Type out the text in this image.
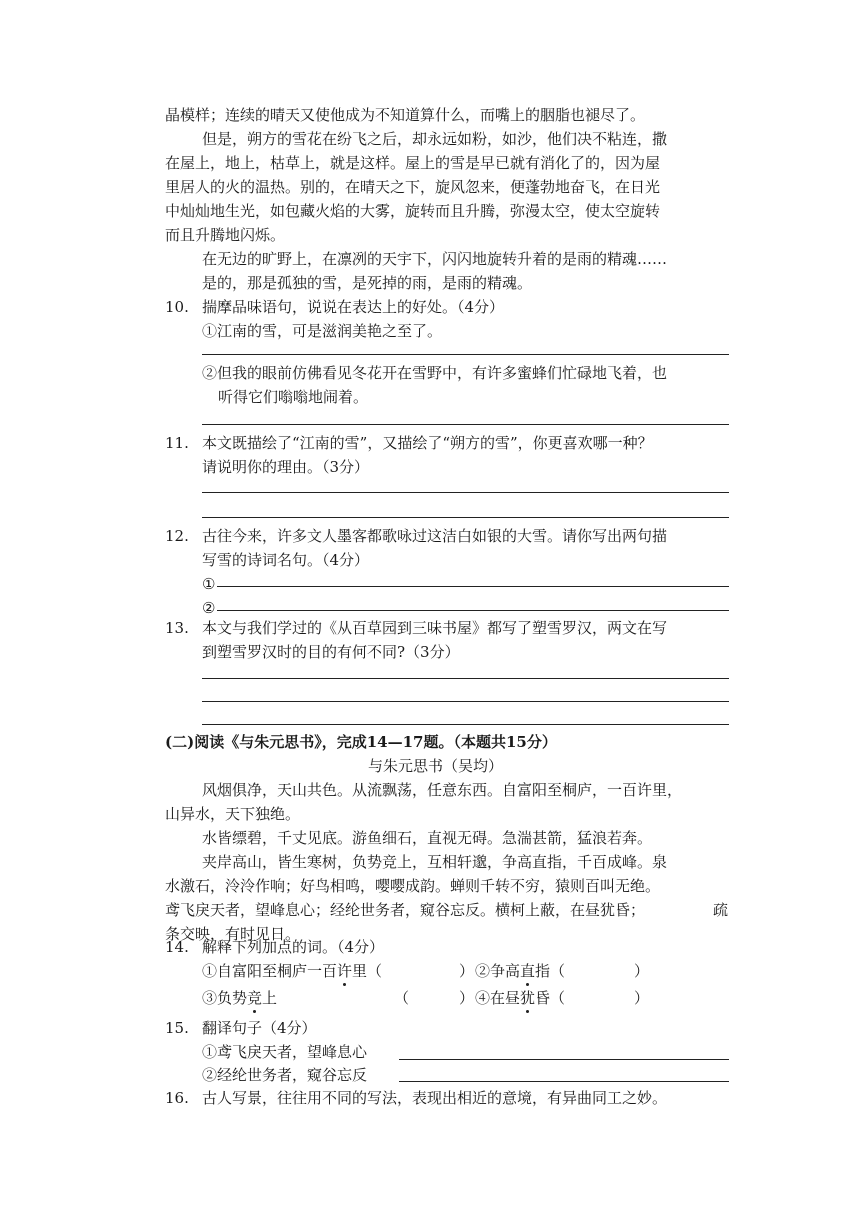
晶模样；连续的晴天又使他成为不知道算什么，而嘴上的胭脂也褪尽了。
但是，朔方的雪花在纷飞之后，却永远如粉，如沙，他们决不粘连，撒
在屋上，地上，枯草上，就是这样。屋上的雪是早已就有消化了的，因为屋
里居人的火的温热。别的，在晴天之下，旋风忽来，便蓬勃地奋飞，在日光
中灿灿地生光，如包藏火焰的大雾，旋转而且升腾，弥漫太空，使太空旋转
而且升腾地闪烁。
在无边的旷野上，在凛冽的天宇下，闪闪地旋转升着的是雨的精魂……
是的，那是孤独的雪，是死掉的雨，是雨的精魂。
10. 揣摩品味语句，说说在表达上的好处。（4分）
①江南的雪，可是滋润美艳之至了。
②但我的眼前仿佛看见冬花开在雪野中，有许多蜜蜂们忙碌地飞着，也
听得它们嗡嗡地闹着。
11. 本文既描绘了“江南的雪”，又描绘了“朔方的雪”，你更喜欢哪一种？
请说明你的理由。（3分）
12. 古往今来，许多文人墨客都歌咏过这洁白如银的大雪。请你写出两句描
写雪的诗词名句。（4分）
①
②
13. 本文与我们学过的《从百草园到三味书屋》都写了塑雪罗汉，两文在写
到塑雪罗汉时的目的有何不同?（3分）
(二)阅读《与朱元思书》，完成14—17题。（本题共15分）
与朱元思书（吴均）
风烟俱净，天山共色。从流飘荡，任意东西。自富阳至桐庐，一百许里，
山异水，天下独绝。
水皆缥碧，千丈见底。游鱼细石，直视无碍。急湍甚箭，猛浪若奔。
夹岸高山，皆生寒树，负势竞上，互相轩邈，争高直指，千百成峰。泉
水激石，泠泠作响；好鸟相鸣，嘤嘤成韵。蝉则千转不穷，猿则百叫无绝。
鸢飞戾天者，望峰息心；经纶世务者，窥谷忘反。横柯上蔽，在昼犹昏；	疏
条交映，有时见日。
14. 解释下列加点的词。（4分）
①自富阳至桐庐一百许里（	） ②争高直指（	）
③负势竞上	（	） ④在昼犹昏（	）
15. 翻译句子（4分）
①鸢飞戾天者，望峰息心
②经纶世务者，窥谷忘反
16. 古人写景，往往用不同的写法，表现出相近的意境，有异曲同工之妙。
